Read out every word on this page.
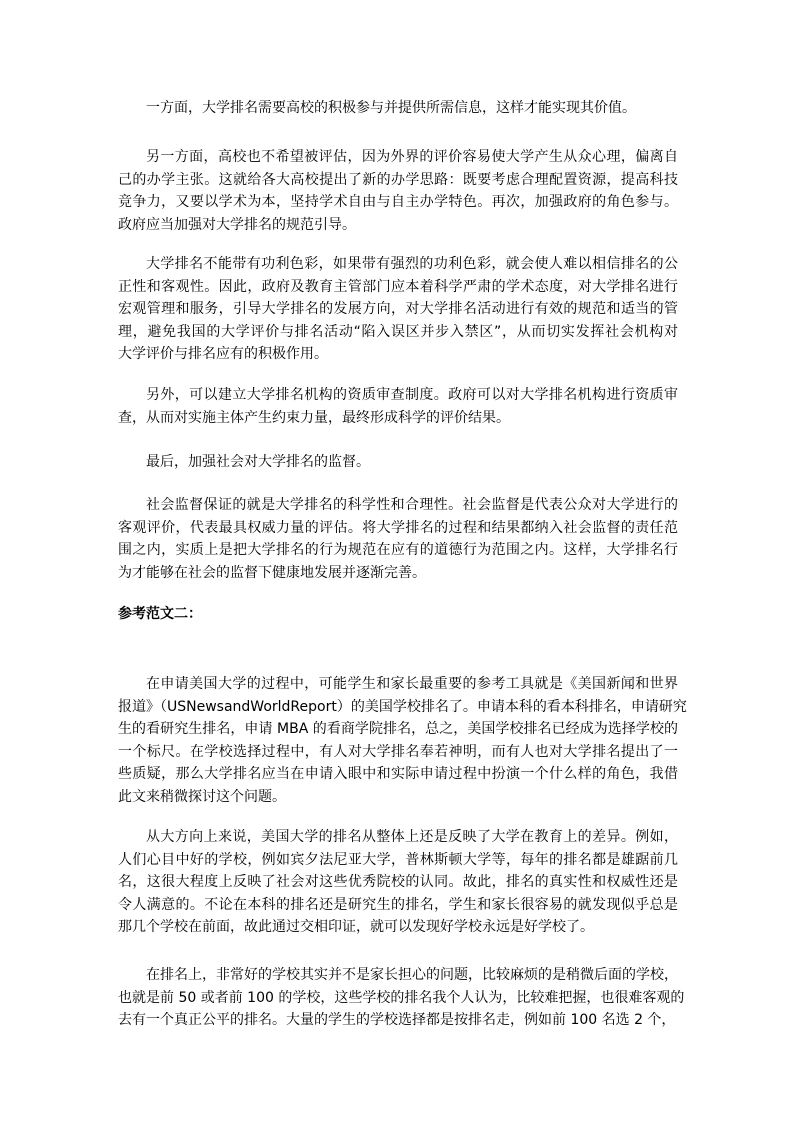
一方面，大学排名需要高校的积极参与并提供所需信息，这样才能实现其价值。
另一方面，高校也不希望被评估，因为外界的评价容易使大学产生从众心理，偏离自
己的办学主张。这就给各大高校提出了新的办学思路：既要考虑合理配置资源，提高科技
竞争力，又要以学术为本，坚持学术自由与自主办学特色。再次，加强政府的角色参与。
政府应当加强对大学排名的规范引导。
大学排名不能带有功利色彩，如果带有强烈的功利色彩，就会使人难以相信排名的公
正性和客观性。因此，政府及教育主管部门应本着科学严肃的学术态度，对大学排名进行
宏观管理和服务，引导大学排名的发展方向，对大学排名活动进行有效的规范和适当的管
理，避免我国的大学评价与排名活动“陷入误区并步入禁区”，从而切实发挥社会机构对
大学评价与排名应有的积极作用。
另外，可以建立大学排名机构的资质审查制度。政府可以对大学排名机构进行资质审
查，从而对实施主体产生约束力量，最终形成科学的评价结果。
最后，加强社会对大学排名的监督。
社会监督保证的就是大学排名的科学性和合理性。社会监督是代表公众对大学进行的
客观评价，代表最具权威力量的评估。将大学排名的过程和结果都纳入社会监督的责任范
围之内，实质上是把大学排名的行为规范在应有的道德行为范围之内。这样，大学排名行
为才能够在社会的监督下健康地发展并逐渐完善。
在申请美国大学的过程中，可能学生和家长最重要的参考工具就是《美国新闻和世界
报道》（USNewsandWorldReport）的美国学校排名了。申请本科的看本科排名，申请研究
生的看研究生排名，申请 MBA 的看商学院排名，总之，美国学校排名已经成为选择学校的
一个标尺。在学校选择过程中，有人对大学排名奉若神明，而有人也对大学排名提出了一
些质疑，那么大学排名应当在申请入眼中和实际申请过程中扮演一个什么样的角色，我借
此文来稍微探讨这个问题。
从大方向上来说，美国大学的排名从整体上还是反映了大学在教育上的差异。例如，
人们心目中好的学校，例如宾夕法尼亚大学，普林斯顿大学等，每年的排名都是雄踞前几
名，这很大程度上反映了社会对这些优秀院校的认同。故此，排名的真实性和权威性还是
令人满意的。不论在本科的排名还是研究生的排名，学生和家长很容易的就发现似乎总是
那几个学校在前面，故此通过交相印证，就可以发现好学校永远是好学校了。
在排名上，非常好的学校其实并不是家长担心的问题，比较麻烦的是稍微后面的学校，
也就是前 50 或者前 100 的学校，这些学校的排名我个人认为，比较难把握，也很难客观的
去有一个真正公平的排名。大量的学生的学校选择都是按排名走，例如前 100 名选 2 个，
参考范文二：
